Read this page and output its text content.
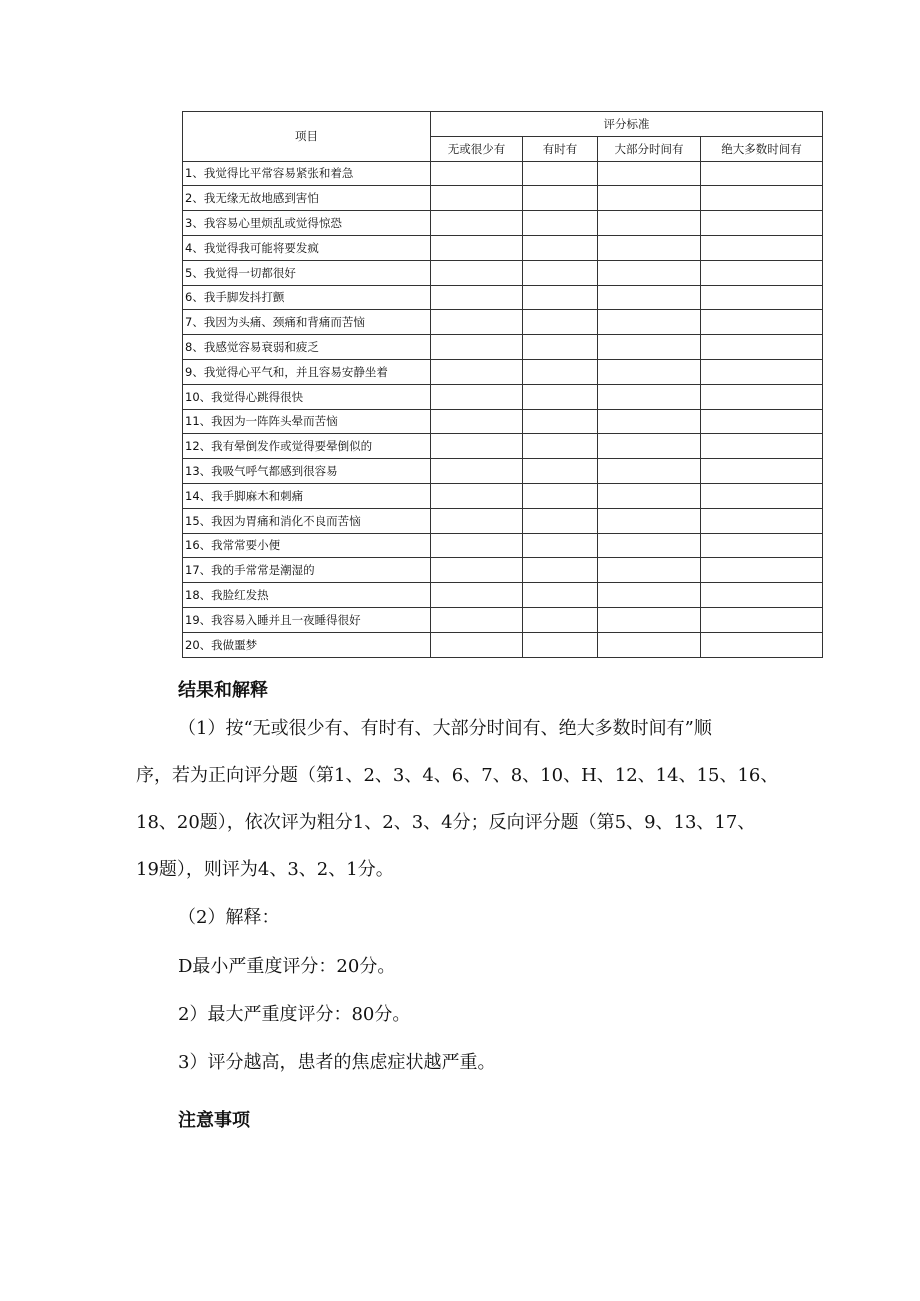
项目	评分标准			
	无或很少有	有时有	大部分时间有	绝大多数时间有
1、我觉得比平常容易紧张和着急				
2、我无缘无故地感到害怕				
3、我容易心里烦乱或觉得惊恐				
4、我觉得我可能将要发疯				
5、我觉得一切都很好				
6、我手脚发抖打颤				
7、我因为头痛、颈痛和背痛而苦恼				
8、我感觉容易衰弱和疲乏				
9、我觉得心平气和，并且容易安静坐着				
10、我觉得心跳得很快				
11、我因为一阵阵头晕而苦恼				
12、我有晕倒发作或觉得要晕倒似的				
13、我吸气呼气都感到很容易				
14、我手脚麻木和刺痛				
15、我因为胃痛和消化不良而苦恼				
16、我常常要小便				
17、我的手常常是潮湿的				
18、我脸红发热				
19、我容易入睡并且一夜睡得很好				
20、我做噩梦				
结果和解释
（1）按“无或很少有、有时有、大部分时间有、绝大多数时间有”顺
序，若为正向评分题（第1、2、3、4、6、7、8、10、H、12、14、15、16、
18、20题），依次评为粗分1、2、3、4分；反向评分题（第5、9、13、17、
19题），则评为4、3、2、1分。
（2）解释：
D最小严重度评分：20分。
2）最大严重度评分：80分。
3）评分越高，患者的焦虑症状越严重。
注意事项
